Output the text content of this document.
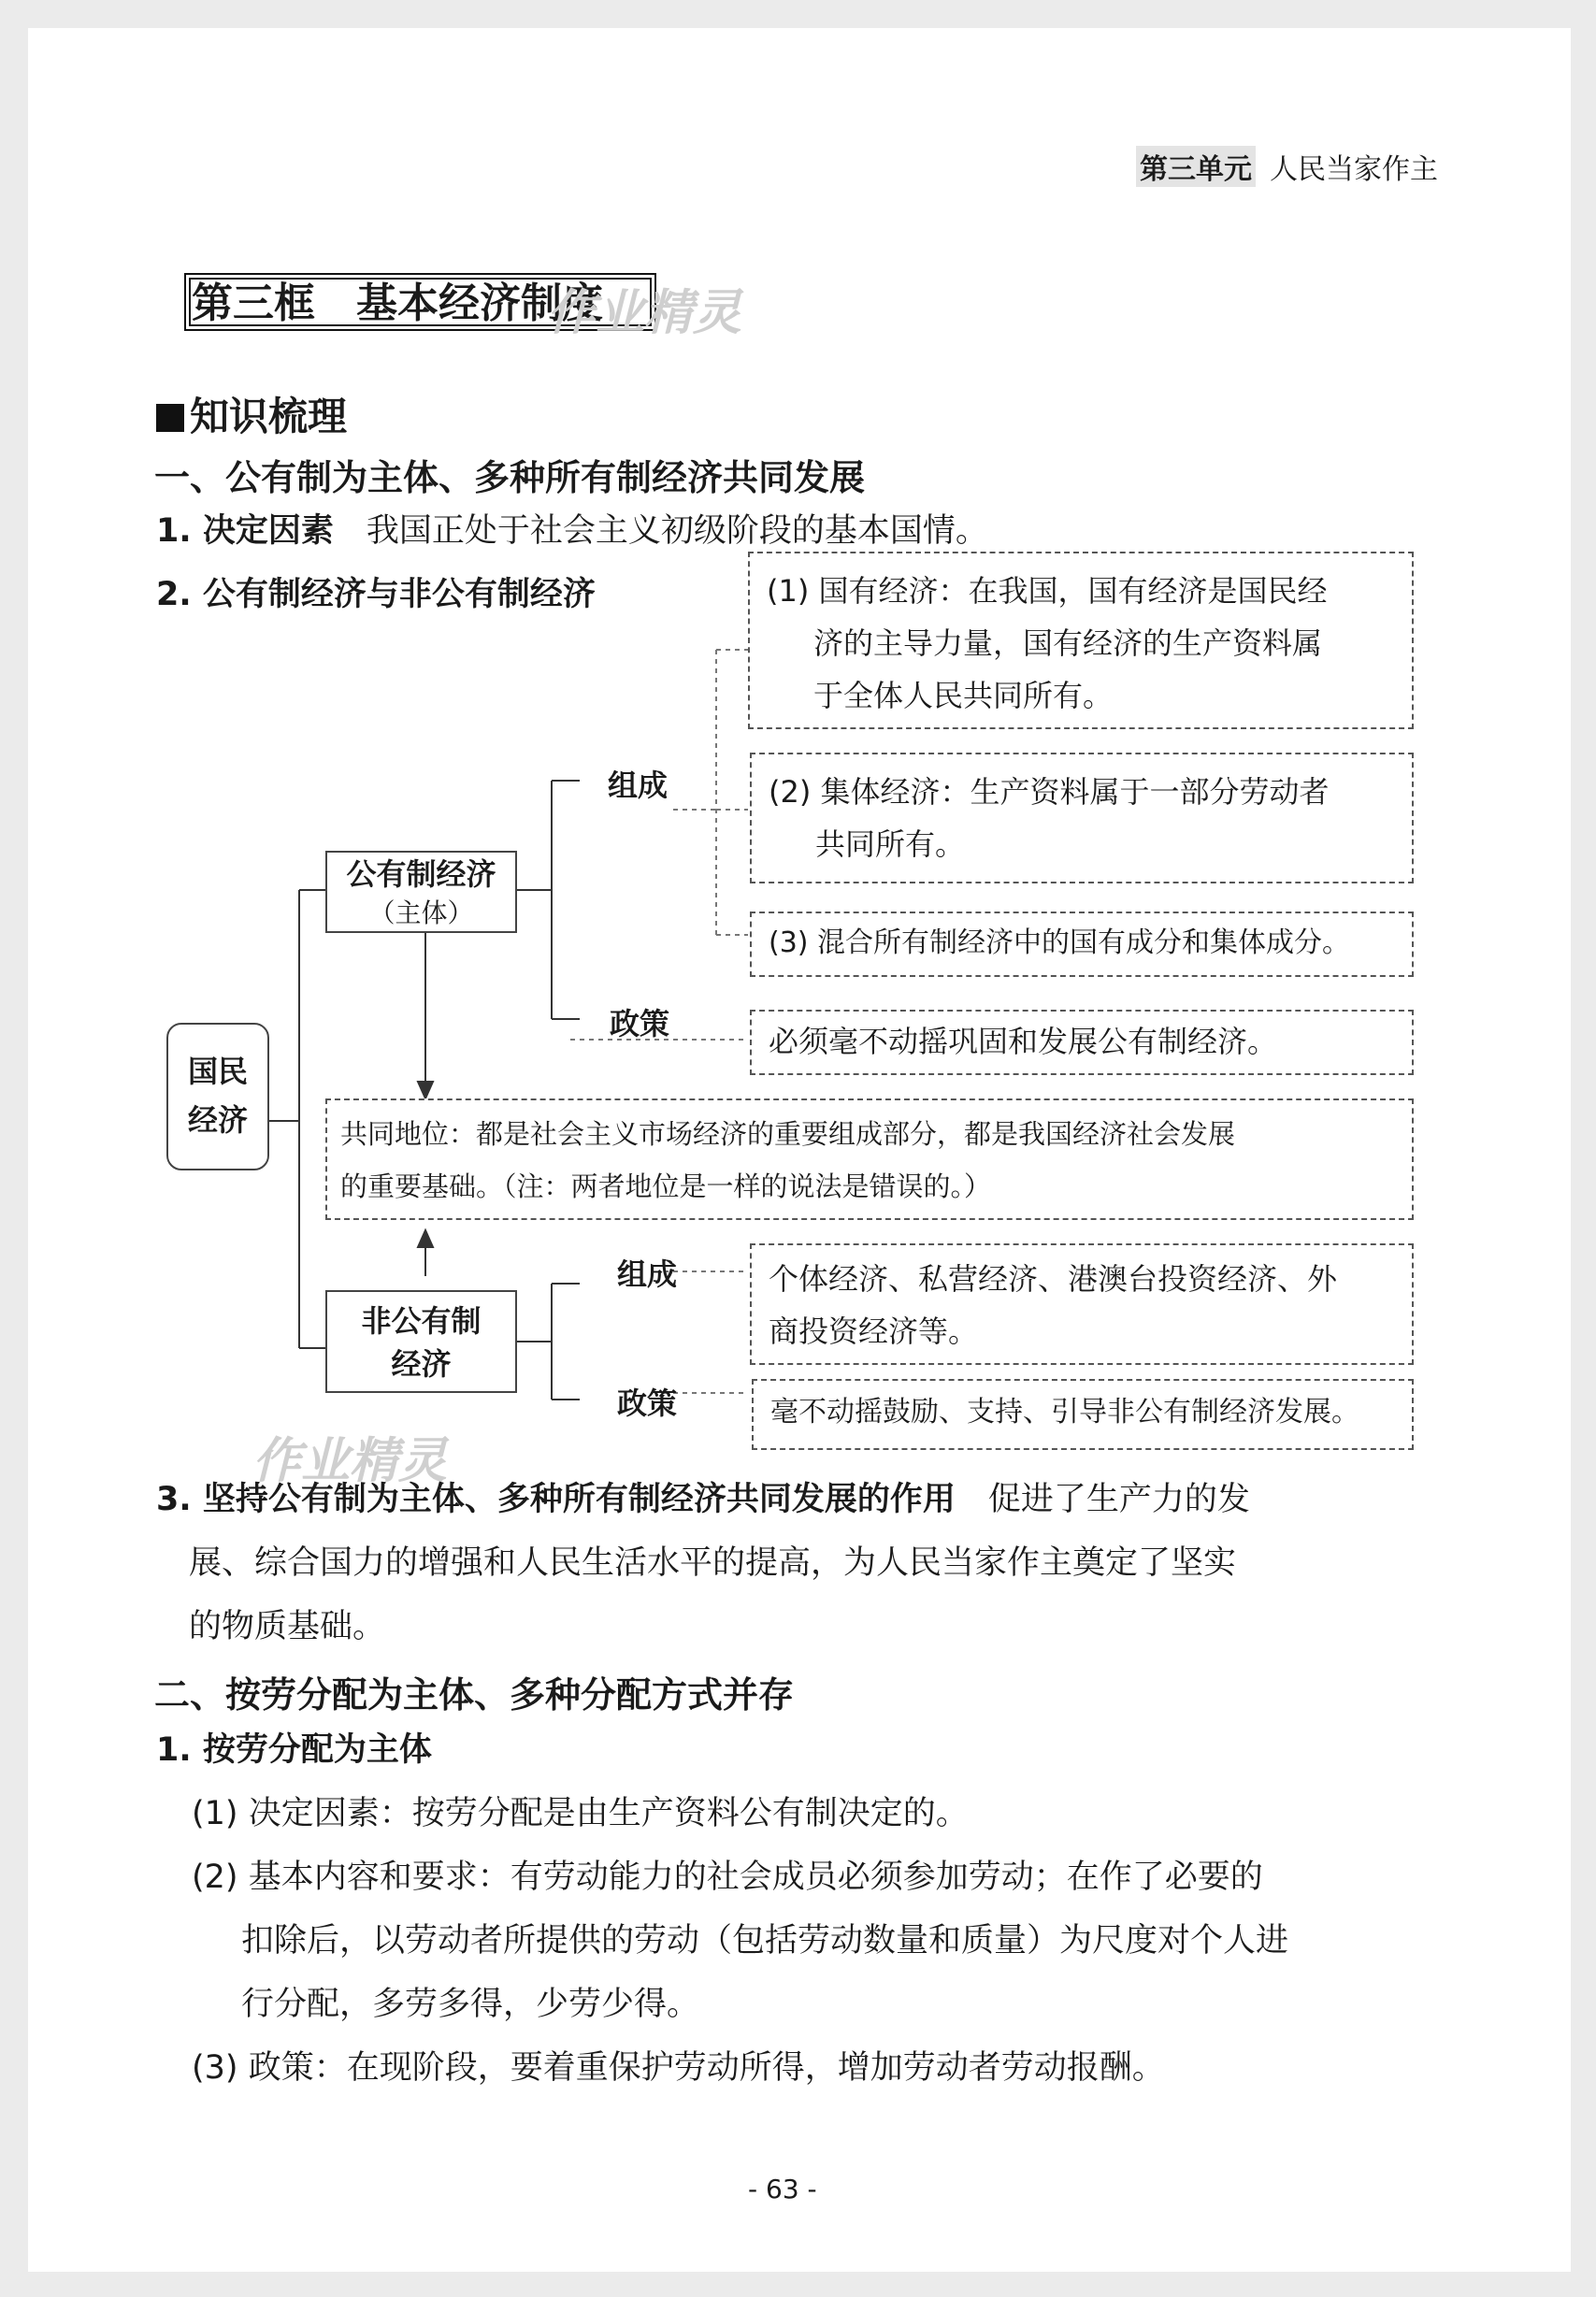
第三单元 人民当家作主
第三框　基本经济制度
作业精灵
知识梳理
一、公有制为主体、多种所有制经济共同发展
1. 决定因素　 我国正处于社会主义初级阶段的基本国情。
2. 公有制经济与非公有制经济
国民
经济
公有制经济
（主体）
非公有制
经济
组成
政策
组成
政策
(1) 国有经济：在我国，国有经济是国民经
济的主导力量，国有经济的生产资料属
于全体人民共同所有。
(2) 集体经济：生产资料属于一部分劳动者
共同所有。
(3) 混合所有制经济中的国有成分和集体成分。
必须毫不动摇巩固和发展公有制经济。
共同地位：都是社会主义市场经济的重要组成部分，都是我国经济社会发展
的重要基础。（注：两者地位是一样的说法是错误的。）
个体经济、私营经济、港澳台投资经济、外
商投资经济等。
毫不动摇鼓励、支持、引导非公有制经济发展。
作业精灵
3. 坚持公有制为主体、多种所有制经济共同发展的作用　 促进了生产力的发
展、综合国力的增强和人民生活水平的提高，为人民当家作主奠定了坚实
的物质基础。
二、按劳分配为主体、多种分配方式并存
1. 按劳分配为主体
(1) 决定因素：按劳分配是由生产资料公有制决定的。
(2) 基本内容和要求：有劳动能力的社会成员必须参加劳动；在作了必要的
扣除后，以劳动者所提供的劳动（包括劳动数量和质量）为尺度对个人进
行分配，多劳多得，少劳少得。
(3) 政策：在现阶段，要着重保护劳动所得，增加劳动者劳动报酬。
- 63 -
